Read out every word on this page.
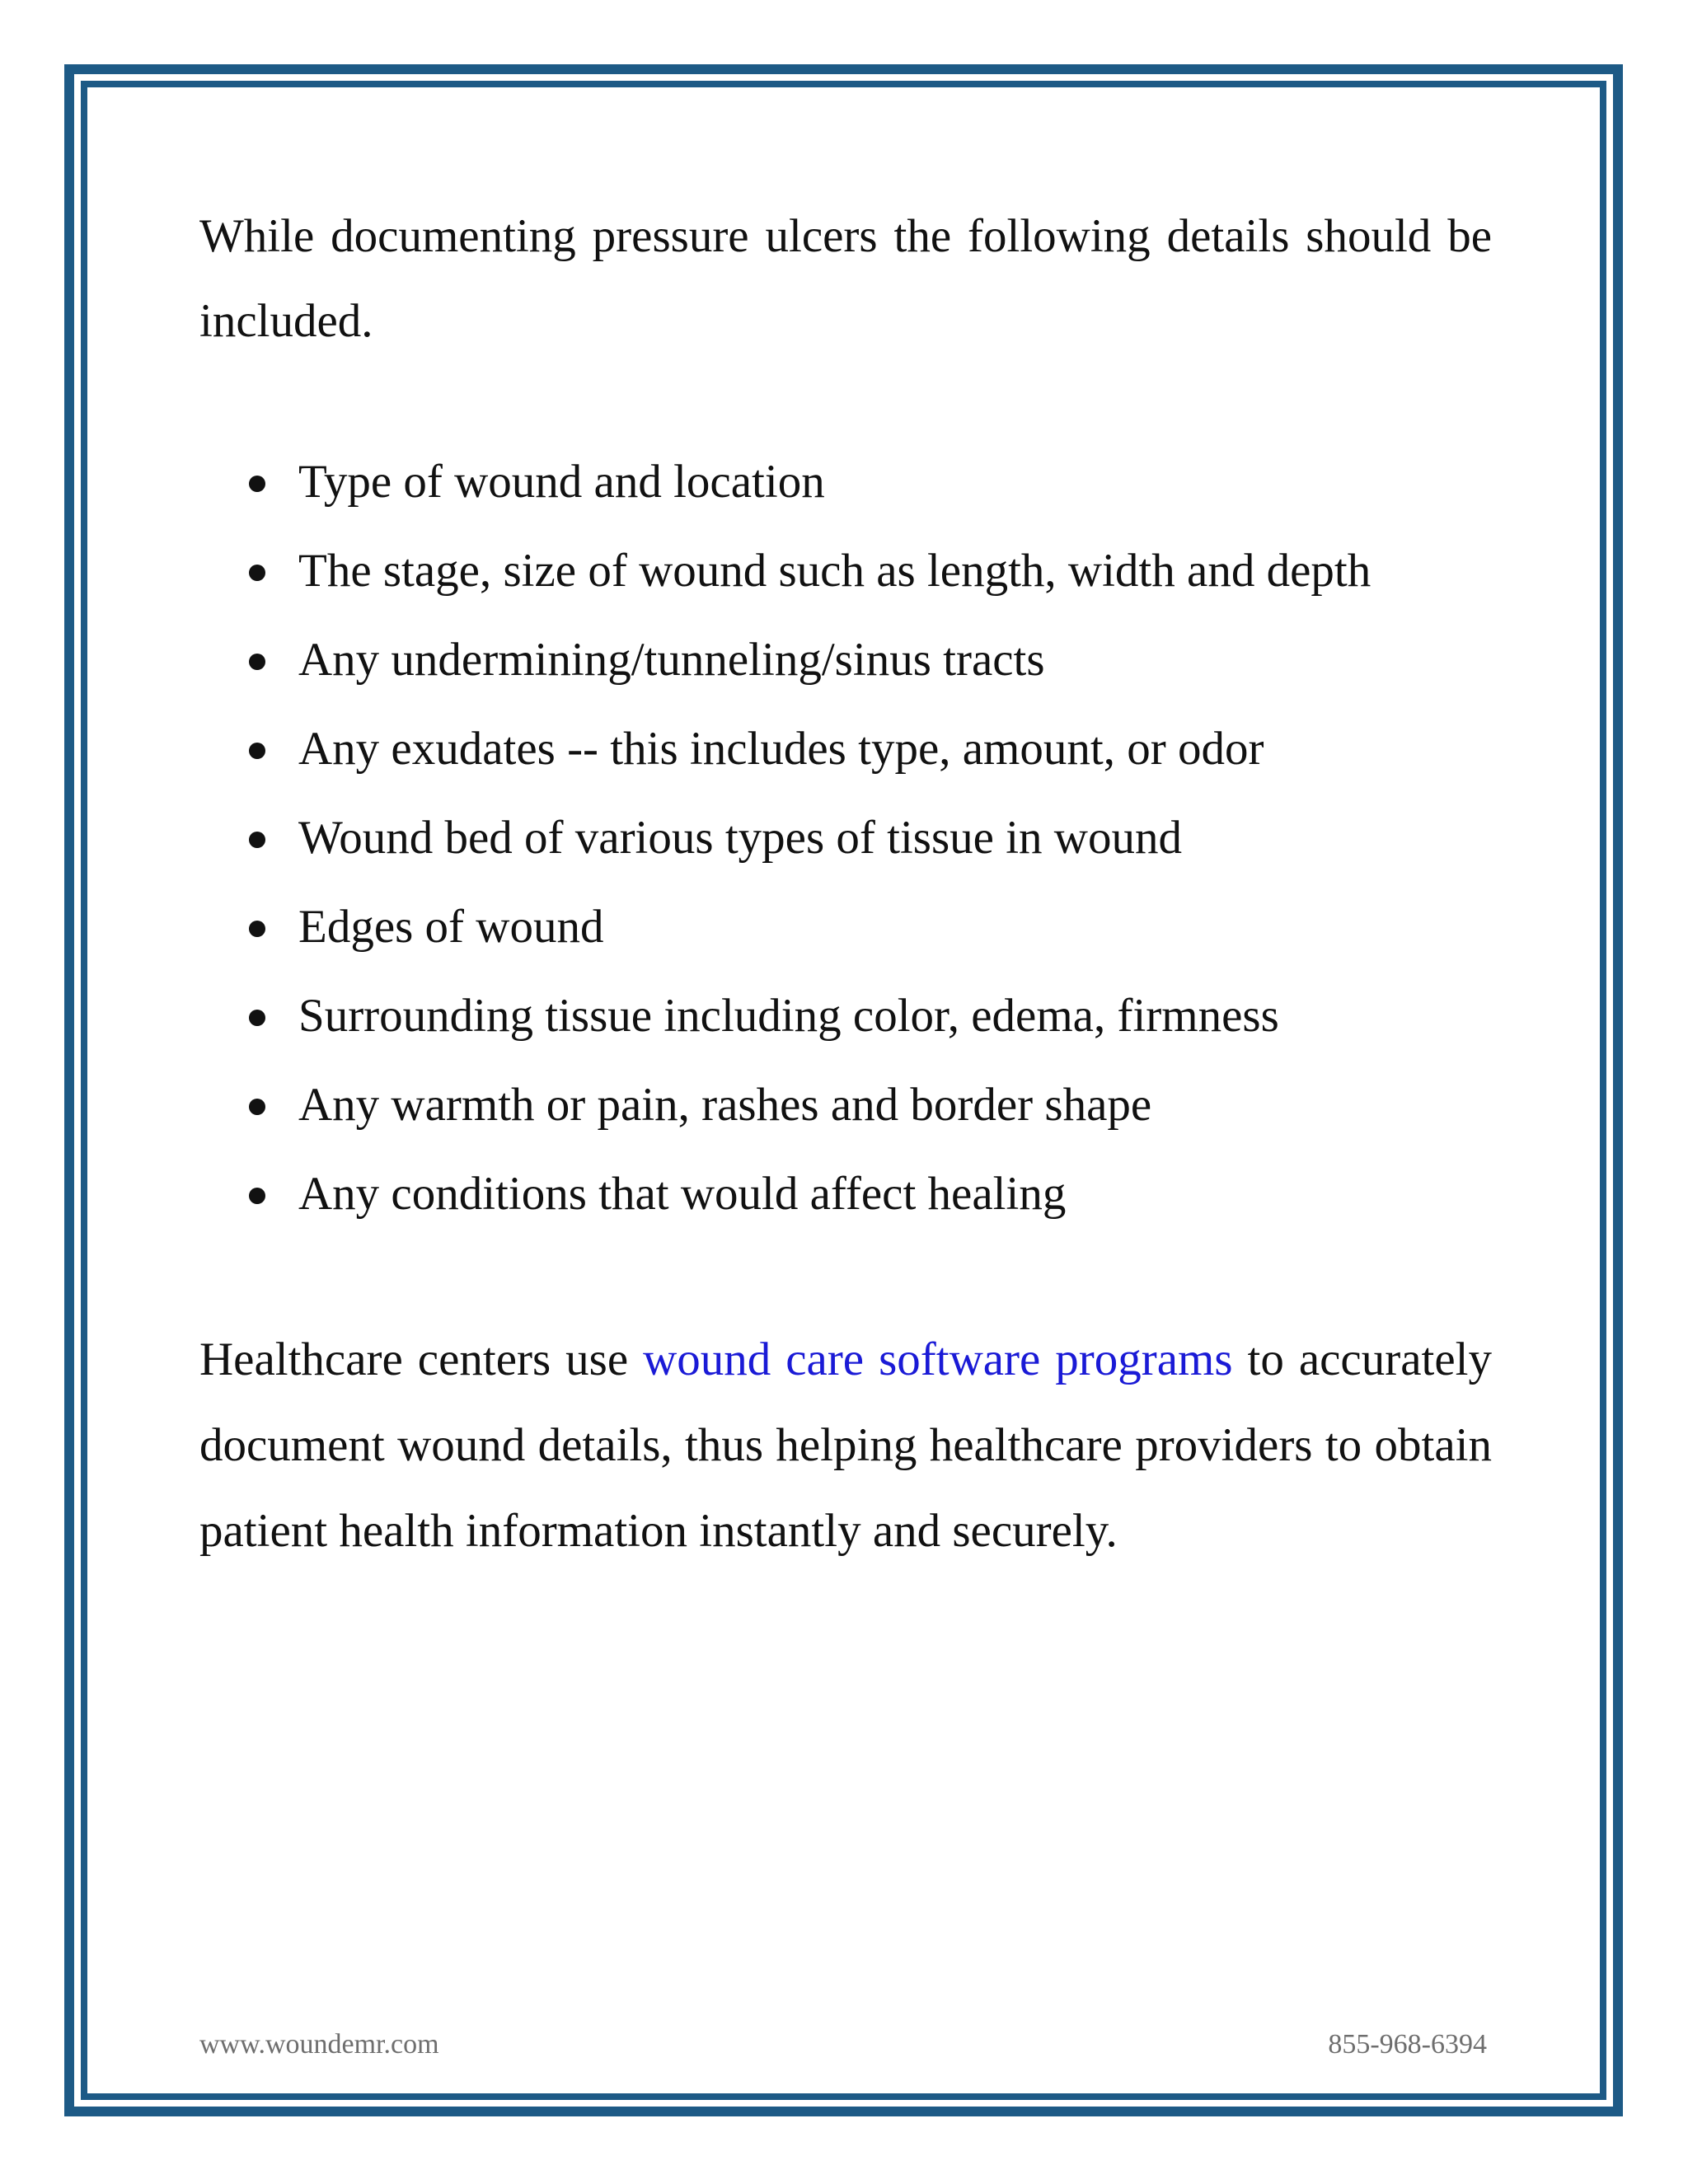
While documenting pressure ulcers the following details should be included.

Type of wound and location
The stage, size of wound such as length, width and depth
Any undermining/tunneling/sinus tracts
Any exudates -- this includes type, amount, or odor
Wound bed of various types of tissue in wound
Edges of wound
Surrounding tissue including color, edema, firmness
Any warmth or pain, rashes and border shape
Any conditions that would affect healing

Healthcare centers use wound care software programs to accurately document wound details, thus helping healthcare providers to obtain patient health information instantly and securely.

www.woundemr.com	855-968-6394
